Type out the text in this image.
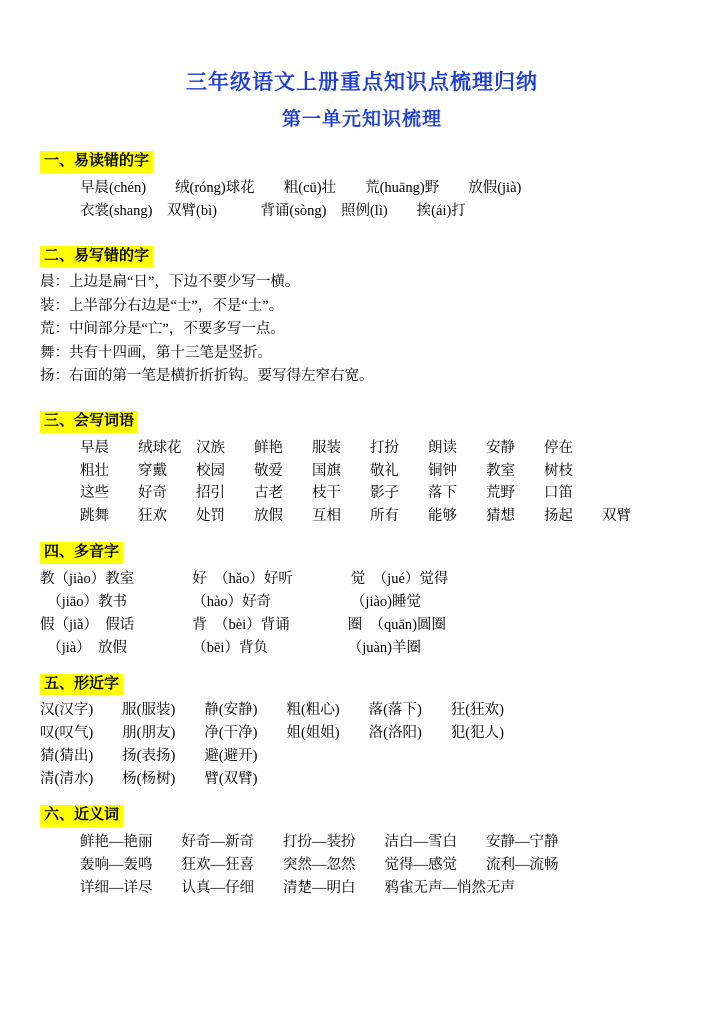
三年级语文上册重点知识点梳理归纳
第一单元知识梳理
一、易读错的字
早晨(chén)　　绒(róng)球花　　粗(cū)壮　　荒(huāng)野　　放假(jià)
衣裳(shang)　双臂(bì)　　　背诵(sòng)　照例(lì)　　挨(ái)打
二、易写错的字
晨：上边是扁“日”，下边不要少写一横。
装：上半部分右边是“士”，不是“土”。
荒：中间部分是“亡”，不要多写一点。
舞：共有十四画，第十三笔是竖折。
扬：右面的第一笔是横折折折钩。要写得左窄右宽。
三、会写词语
早晨　　绒球花　汉族　　鲜艳　　服装　　打扮　　朗读　　安静　　停在
粗壮　　穿戴　　校园　　敬爱　　国旗　　敬礼　　铜钟　　教室　　树枝
这些　　好奇　　招引　　古老　　枝干　　影子　　落下　　荒野　　口笛
跳舞　　狂欢　　处罚　　放假　　互相　　所有　　能够　　猜想　　扬起　　双臂
四、多音字
教（jiào）教室　　　　好　（hǎo）好听　　　　觉　（jué）觉得
　（jiāo）教书　　　　　（hào）好奇　　　　　　（jiào)睡觉
假（jiǎ）　假话　　　　背　（bèi）背诵　　　　圈　（quān)圆圈
　（jià）　放假　　　　　（bēi）背负　　　　　　（juàn)羊圈
五、形近字
汉(汉字)　　服(服装)　　静(安静)　　粗(粗心)　　落(落下)　　狂(狂欢)
叹(叹气)　　朋(朋友)　　净(干净)　　姐(姐姐)　　洛(洛阳)　　犯(犯人)
猜(猜出)　　扬(表扬)　　避(避开)
清(清水)　　杨(杨树)　　臂(双臂)
六、近义词
鲜艳—艳丽　　好奇—新奇　　打扮—装扮　　洁白—雪白　　安静—宁静
轰响—轰鸣　　狂欢—狂喜　　突然—忽然　　觉得—感觉　　流利—流畅
详细—详尽　　认真—仔细　　清楚—明白　　鸦雀无声—悄然无声
